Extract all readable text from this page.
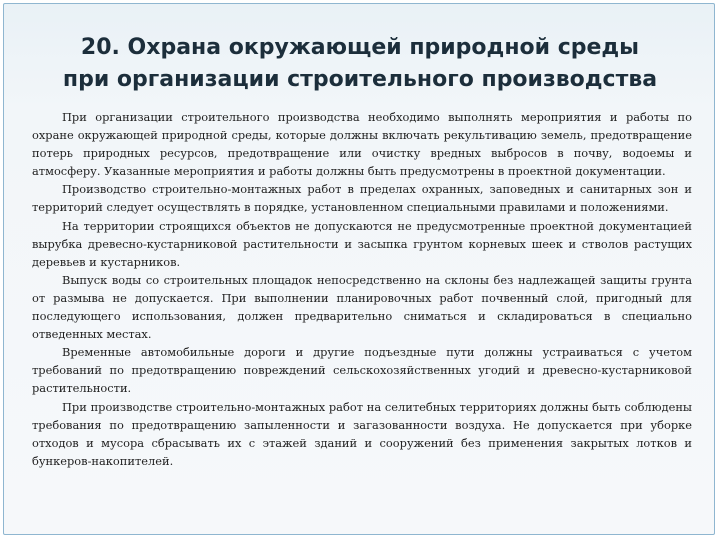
20. Охрана окружающей природной среды
при организации строительного производства

При организации строительного производства необходимо выполнять мероприятия и работы по охране окружающей природной среды, которые должны включать рекультивацию земель, предотвращение потерь природных ресурсов, предотвращение или очистку вредных выбросов в почву, водоемы и атмосферу. Указанные мероприятия и работы должны быть предусмотрены в проектной документации.

Производство строительно-монтажных работ в пределах охранных, заповедных и санитарных зон и территорий следует осуществлять в порядке, установленном специальными правилами и положениями.

На территории строящихся объектов не допускаются не предусмотренные проектной документацией вырубка древесно-кустарниковой растительности и засыпка грунтом корневых шеек и стволов растущих деревьев и кустарников.

Выпуск воды со строительных площадок непосредственно на склоны без надлежащей защиты грунта от размыва не допускается. При выполнении планировочных работ почвенный слой, пригодный для последующего использования, должен предварительно сниматься и складироваться в специально отведенных местах.

Временные автомобильные дороги и другие подъездные пути должны устраиваться с учетом требований по предотвращению повреждений сельскохозяйственных угодий и древесно-кустарниковой растительности.

При производстве строительно-монтажных работ на селитебных территориях должны быть соблюдены требования по предотвращению запыленности и загазованности воздуха. Не допускается при уборке отходов и мусора сбрасывать их с этажей зданий и сооружений без применения закрытых лотков и бункеров-накопителей.
